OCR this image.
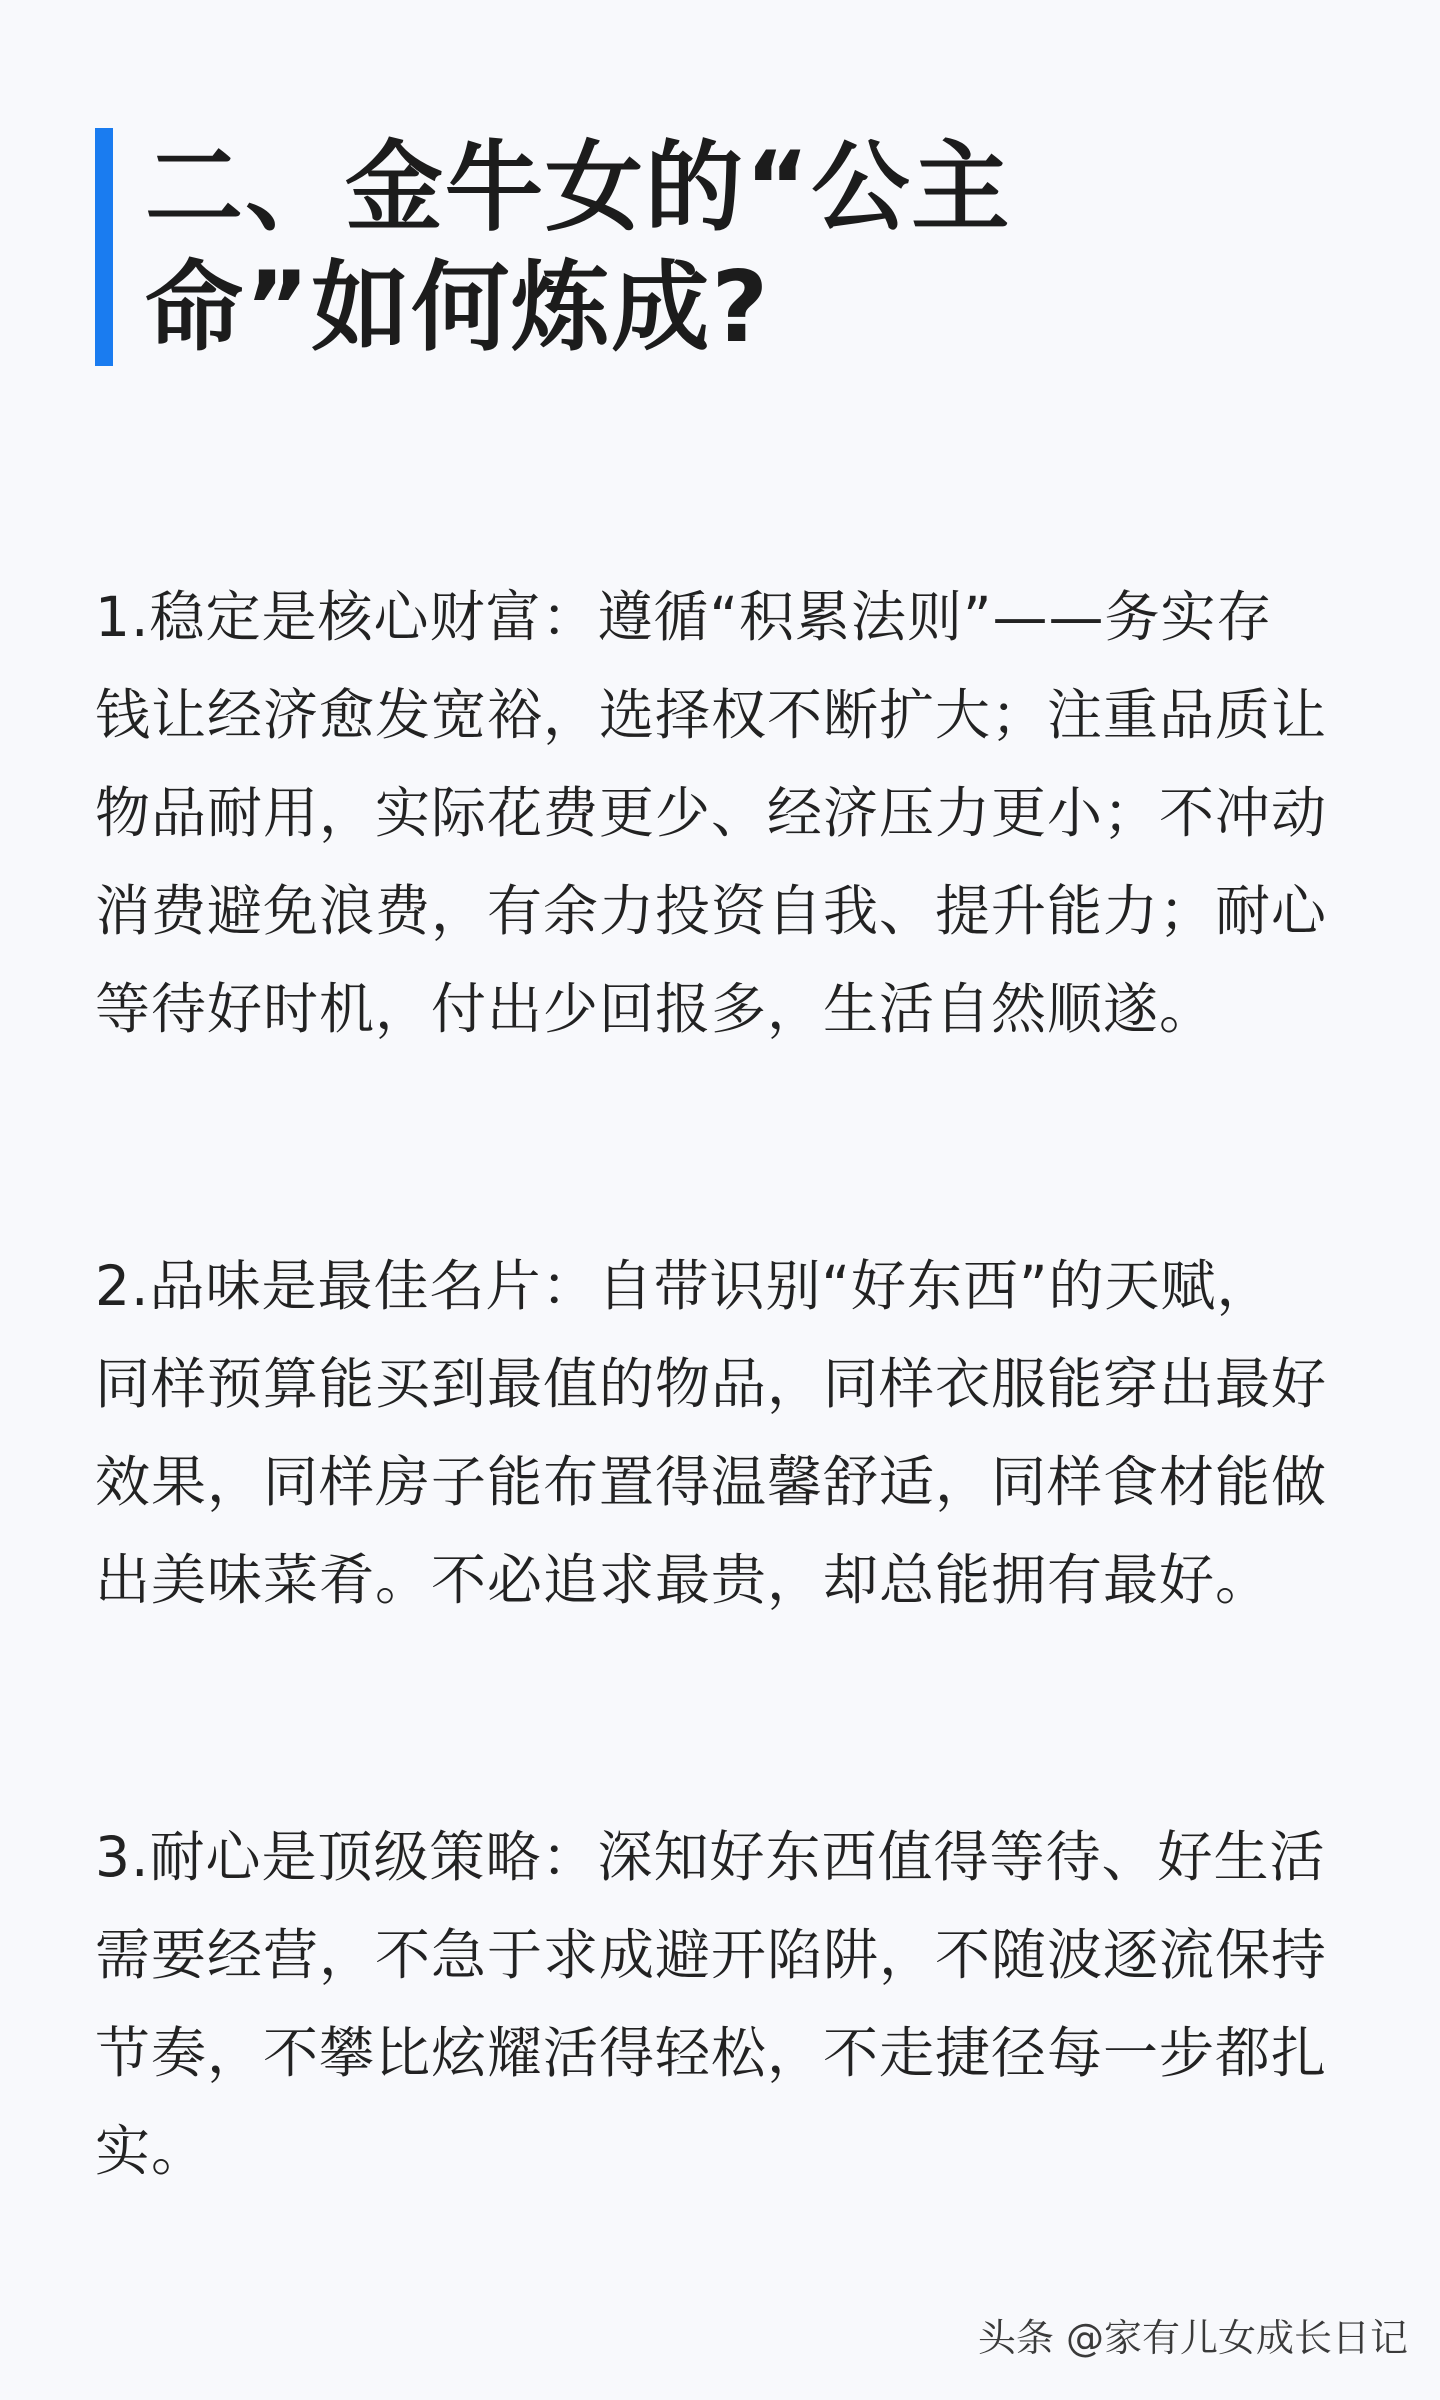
二、金牛女的“公主
命”如何炼成?
1.稳定是核心财富：遵循“积累法则”——务实存
钱让经济愈发宽裕，选择权不断扩大；注重品质让
物品耐用，实际花费更少、经济压力更小；不冲动
消费避免浪费，有余力投资自我、提升能力；耐心
等待好时机，付出少回报多，生活自然顺遂。
2.品味是最佳名片：自带识别“好东西”的天赋，
同样预算能买到最值的物品，同样衣服能穿出最好
效果，同样房子能布置得温馨舒适，同样食材能做
出美味菜肴。不必追求最贵，却总能拥有最好。
3.耐心是顶级策略：深知好东西值得等待、好生活
需要经营，不急于求成避开陷阱，不随波逐流保持
节奏，不攀比炫耀活得轻松，不走捷径每一步都扎
实。
头条 @家有儿女成长日记
